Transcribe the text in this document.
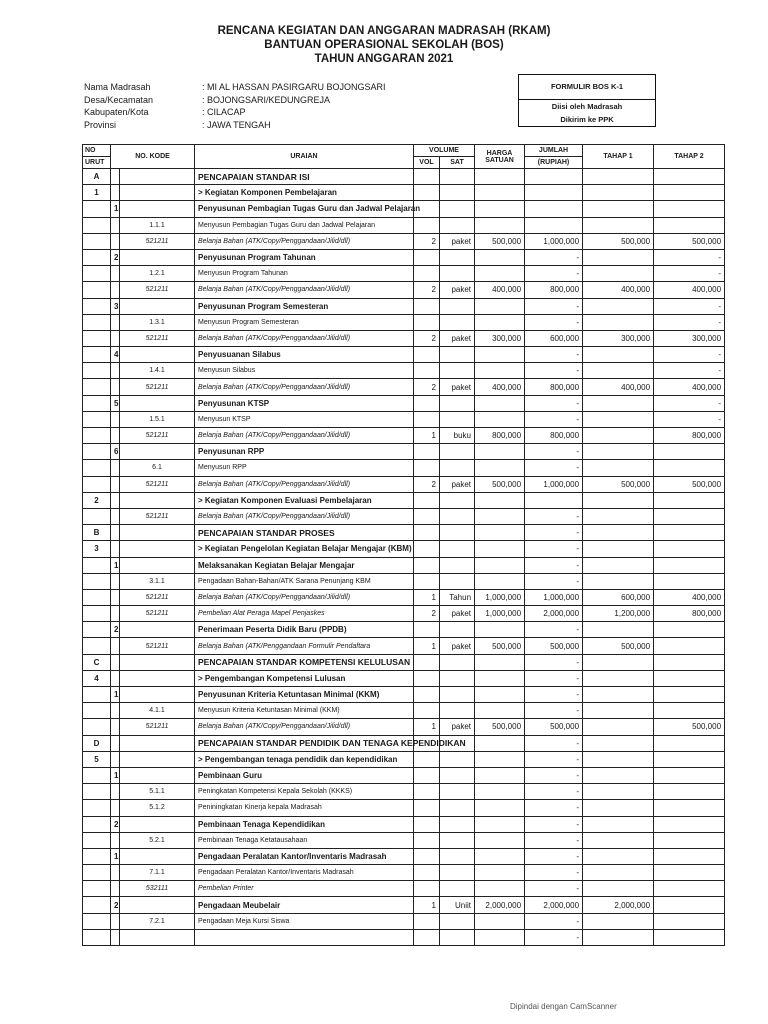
RENCANA KEGIATAN DAN ANGGARAN MADRASAH (RKAM)
BANTUAN OPERASIONAL SEKOLAH (BOS)
TAHUN ANGGARAN 2021
Nama Madrasah	: MI AL HASSAN PASIRGARU BOJONGSARI
Desa/Kecamatan	: BOJONGSARI/KEDUNGREJA
Kabupaten/Kota	: CILACAP
Provinsi	: JAWA TENGAH
FORMULIR BOS K-1
Diisi oleh Madrasah
Dikirim ke PPK
NO	NO. KODE		URAIAN	VOLUME		HARGA SATUAN	JUMLAH	TAHAP 1	TAHAP 2
URUT				VOL	SAT		(RUPIAH)		
A			PENCAPAIAN STANDAR ISI						
1			> Kegiatan Komponen Pembelajaran						
	1		Penyusunan Pembagian Tugas Guru dan Jadwal Pelajaran						
		1.1.1	Menyusun Pembagian Tugas Guru dan Jadwal Pelajaran						
		521211	Belanja Bahan (ATK/Copy/Penggandaan/Jilid/dll)	2	paket	500,000	1,000,000	500,000	500,000
	2		Penyusunan Program Tahunan				-		-
		1.2.1	Menyusun Program Tahunan				-		-
		521211	Belanja Bahan (ATK/Copy/Penggandaan/Jilid/dll)	2	paket	400,000	800,000	400,000	400,000
	3		Penyusunan Program Semesteran				-		-
		1.3.1	Menyusun Program Semesteran				-		-
		521211	Belanja Bahan (ATK/Copy/Penggandaan/Jilid/dll)	2	paket	300,000	600,000	300,000	300,000
	4		Penyusuanan Silabus				-		-
		1.4.1	Menyusun Silabus				-		-
		521211	Belanja Bahan (ATK/Copy/Penggandaan/Jilid/dll)	2	paket	400,000	800,000	400,000	400,000
	5		Penyusunan KTSP				-		-
		1.5.1	Menyusun KTSP				-		-
		521211	Belanja Bahan (ATK/Copy/Penggandaan/Jilid/dll)	1	buku	800,000	800,000		800,000
	6		Penyusunan RPP				-		
		6.1	Menyusun RPP				-		
		521211	Belanja Bahan (ATK/Copy/Penggandaan/Jilid/dll)	2	paket	500,000	1,000,000	500,000	500,000
2			> Kegiatan Komponen Evaluasi Pembelajaran						
		521211	Belanja Bahan (ATK/Copy/Penggandaan/Jilid/dll)				-		
B			PENCAPAIAN STANDAR PROSES				-		
3			> Kegiatan Pengelolan Kegiatan Belajar Mengajar (KBM)				-		
	1		Melaksanakan Kegiatan Belajar Mengajar				-		
		3.1.1	Pengadaan Bahan-Bahan/ATK Sarana Penunjang KBM				-		
		521211	Belanja Bahan (ATK/Copy/Penggandaan/Jilid/dll)	1	Tahun	1,000,000	1,000,000	600,000	400,000
		521211	Pembelian Alat Peraga Mapel Penjaskes	2	paket	1,000,000	2,000,000	1,200,000	800,000
	2		Penerimaan Peserta Didik Baru (PPDB)				-		
		521211	Belanja Bahan (ATK/Penggandaan Formulir Pendaftara	1	paket	500,000	500,000	500,000	
C			PENCAPAIAN STANDAR KOMPETENSI KELULUSAN				-		
4			> Pengembangan Kompetensi Lulusan				-		
	1		Penyusunan Kriteria Ketuntasan Minimal (KKM)				-		
		4.1.1	Menyusun Kriteria Ketuntasan Minimal (KKM)				-		
		521211	Belanja Bahan (ATK/Copy/Penggandaan/Jilid/dll)	1	paket	500,000	500,000		500,000
D			PENCAPAIAN STANDAR PENDIDIK DAN TENAGA KEPENDIDIKAN				-		
5			> Pengembangan tenaga pendidik dan kependidikan				-		
	1		Pembinaan Guru				-		
		5.1.1	Peningkatan Kompetensi Kepala Sekolah (KKKS)				-		
		5.1.2	Peniningkatan Kinerja kepala Madrasah				-		
	2		Pembinaan Tenaga Kependidikan				-		
		5.2.1	Pembinaan Tenaga Ketatausahaan				-		
	1		Pengadaan Peralatan Kantor/Inventaris Madrasah				-		
		7.1.1	Pengadaan Peralatan Kantor/Inventaris Madrasah				-		
		532111	Pembelian Printer				-		
	2		Pengadaan Meubelair	1	Uniit	2,000,000	2,000,000	2,000,000	
		7.2.1	Pengadaan Meja Kursi Siswa				-		
							-		
Dipindai dengan CamScanner
